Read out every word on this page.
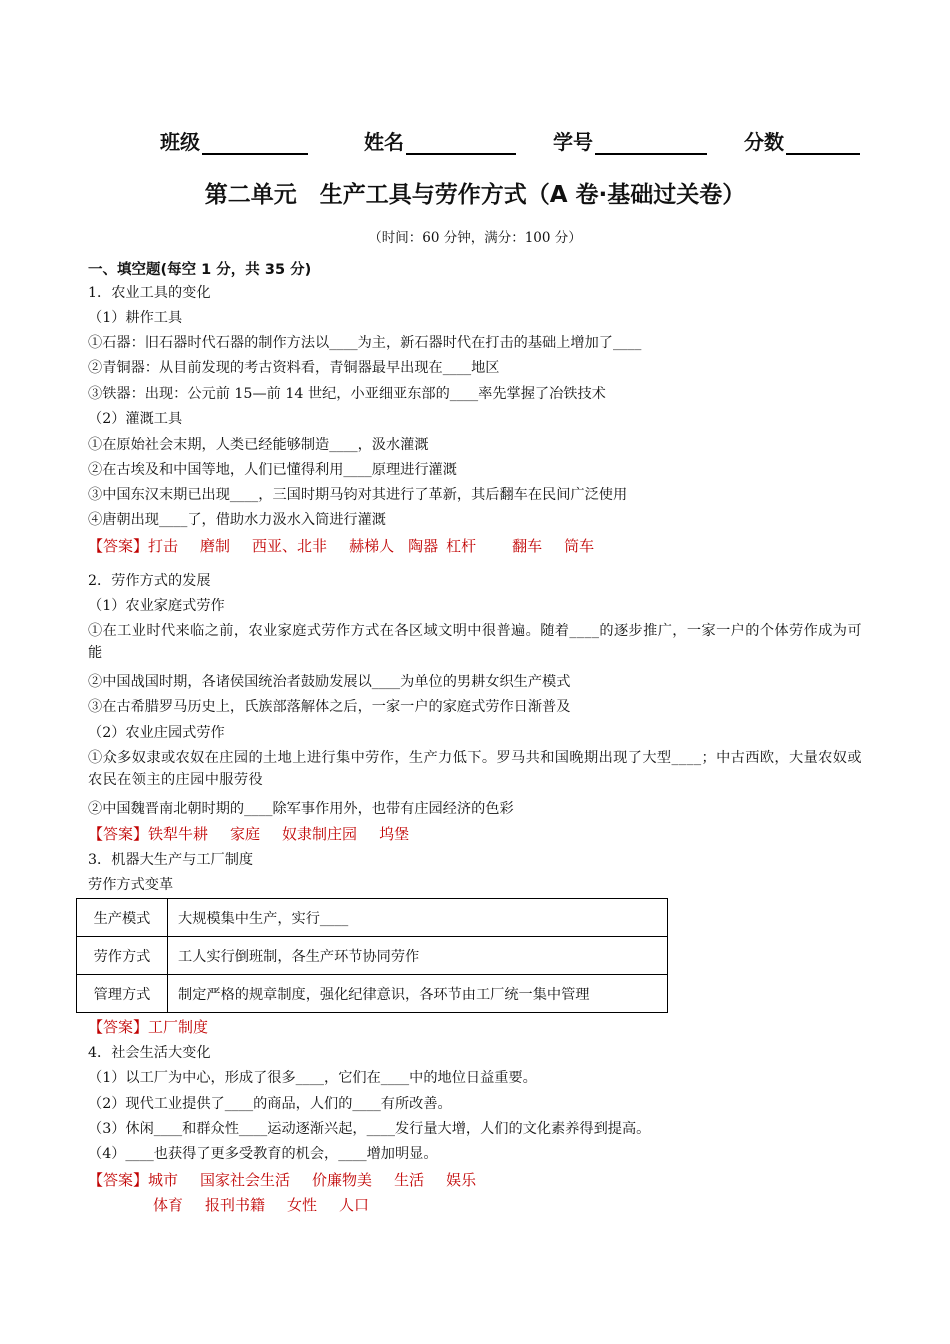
班级	姓名	学号	分数
第二单元　生产工具与劳作方式（A 卷·基础过关卷）
（时间：60 分钟，满分：100 分）
一、填空题(每空 1 分，共 35 分)
1．农业工具的变化
（1）耕作工具
①石器：旧石器时代石器的制作方法以____为主，新石器时代在打击的基础上增加了____
②青铜器：从目前发现的考古资料看，青铜器最早出现在____地区
③铁器：出现：公元前 15—前 14 世纪，小亚细亚东部的____率先掌握了冶铁技术
（2）灌溉工具
①在原始社会末期，人类已经能够制造____，汲水灌溉
②在古埃及和中国等地，人们已懂得利用____原理进行灌溉
③中国东汉末期已出现____，三国时期马钧对其进行了革新，其后翻车在民间广泛使用
④唐朝出现____了，借助水力汲水入筒进行灌溉
【答案】打击 磨制 西亚、北非 赫梯人 陶器 杠杆 翻车 筒车
2．劳作方式的发展
（1）农业家庭式劳作
①在工业时代来临之前，农业家庭式劳作方式在各区域文明中很普遍。随着____的逐步推广，一家一户的个体劳作成为可能
②中国战国时期，各诸侯国统治者鼓励发展以____为单位的男耕女织生产模式
③在古希腊罗马历史上，氏族部落解体之后，一家一户的家庭式劳作日渐普及
（2）农业庄园式劳作
①众多奴隶或农奴在庄园的土地上进行集中劳作，生产力低下。罗马共和国晚期出现了大型____；中古西欧，大量农奴或农民在领主的庄园中服劳役
②中国魏晋南北朝时期的____除军事作用外，也带有庄园经济的色彩
【答案】铁犁牛耕 家庭 奴隶制庄园 坞堡
3．机器大生产与工厂制度
劳作方式变革
生产模式	大规模集中生产，实行____
劳作方式	工人实行倒班制，各生产环节协同劳作
管理方式	制定严格的规章制度，强化纪律意识，各环节由工厂统一集中管理
【答案】工厂制度
4．社会生活大变化
（1）以工厂为中心，形成了很多____，它们在____中的地位日益重要。
（2）现代工业提供了____的商品，人们的____有所改善。
（3）休闲____和群众性____运动逐渐兴起，____发行量大增，人们的文化素养得到提高。
（4）____也获得了更多受教育的机会，____增加明显。
【答案】城市 国家社会生活 价廉物美 生活 娱乐
体育 报刊书籍 女性 人口
